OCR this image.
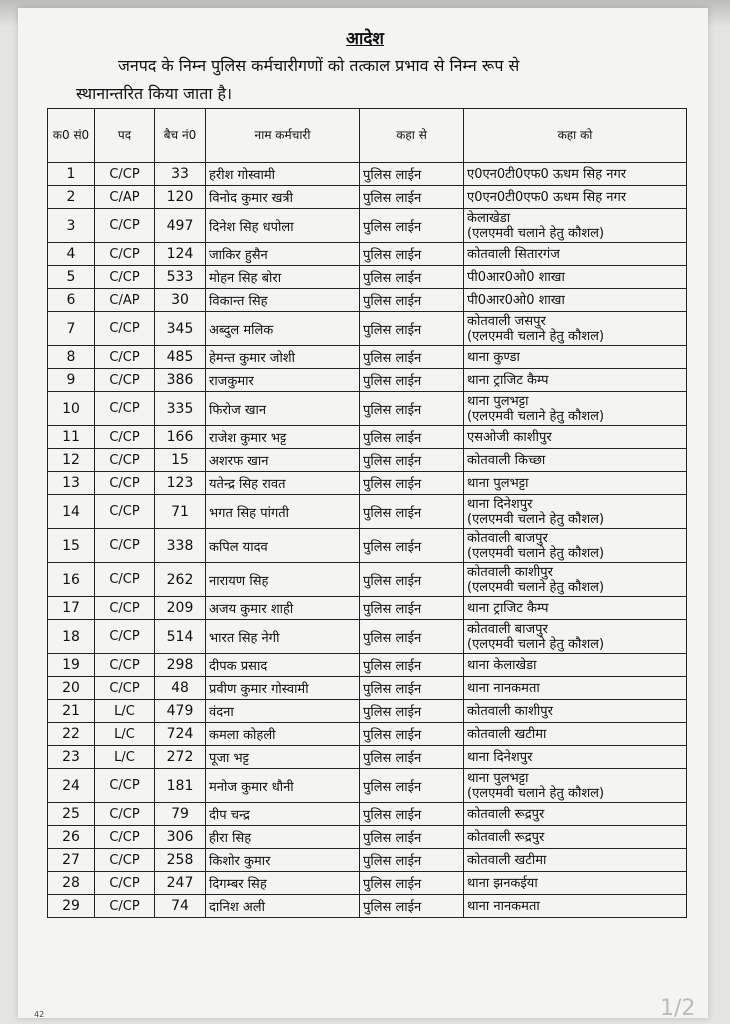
आदेश
जनपद के निम्न पुलिस कर्मचारीगणों को तत्काल प्रभाव से निम्न रूप से
स्थानान्तरित किया जाता है।
क0 सं0	पद	बैच नं0	नाम कर्मचारी	कहा से	कहा को
1	C/CP	33	हरीश गोस्वामी	पुलिस लाईन	ए0एन0टी0एफ0 ऊधम सिह नगर

2	C/AP	120	विनोद कुमार खत्री	पुलिस लाईन	ए0एन0टी0एफ0 ऊधम सिह नगर

3	C/CP	497	दिनेश सिह धपोला	पुलिस लाईन	केलाखेडा
(एलएमवी चलाने हेतु कौशल)

4	C/CP	124	जाकिर हुसैन	पुलिस लाईन	कोतवाली सितारगंज

5	C/CP	533	मोहन सिह बोरा	पुलिस लाईन	पी0आर0ओ0 शाखा

6	C/AP	30	विकान्त सिह	पुलिस लाईन	पी0आर0ओ0 शाखा

7	C/CP	345	अब्दुल मलिक	पुलिस लाईन	कोतवाली जसपुर
(एलएमवी चलाने हेतु कौशल)

8	C/CP	485	हेमन्त कुमार जोशी	पुलिस लाईन	थाना कुण्डा

9	C/CP	386	राजकुमार	पुलिस लाईन	थाना ट्राजिट कैम्प

10	C/CP	335	फिरोज खान	पुलिस लाईन	थाना पुलभट्टा
(एलएमवी चलाने हेतु कौशल)

11	C/CP	166	राजेश कुमार भट्ट	पुलिस लाईन	एसओजी काशीपुर

12	C/CP	15	अशरफ खान	पुलिस लाईन	कोतवाली किच्छा

13	C/CP	123	यतेन्द्र सिह रावत	पुलिस लाईन	थाना पुलभट्टा

14	C/CP	71	भगत सिह पांगती	पुलिस लाईन	थाना दिनेशपुर
(एलएमवी चलाने हेतु कौशल)

15	C/CP	338	कपिल यादव	पुलिस लाईन	कोतवाली बाजपुर
(एलएमवी चलाने हेतु कौशल)

16	C/CP	262	नारायण सिह	पुलिस लाईन	कोतवाली काशीपुर
(एलएमवी चलाने हेतु कौशल)

17	C/CP	209	अजय कुमार शाही	पुलिस लाईन	थाना ट्राजिट कैम्प

18	C/CP	514	भारत सिह नेगी	पुलिस लाईन	कोतवाली बाजपुर
(एलएमवी चलाने हेतु कौशल)

19	C/CP	298	दीपक प्रसाद	पुलिस लाईन	थाना केलाखेडा

20	C/CP	48	प्रवीण कुमार गोस्वामी	पुलिस लाईन	थाना नानकमता

21	L/C	479	वंदना	पुलिस लाईन	कोतवाली काशीपुर

22	L/C	724	कमला कोहली	पुलिस लाईन	कोतवाली खटीमा

23	L/C	272	पूजा भट्ट	पुलिस लाईन	थाना दिनेशपुर

24	C/CP	181	मनोज कुमार धौनी	पुलिस लाईन	थाना पुलभट्टा
(एलएमवी चलाने हेतु कौशल)

25	C/CP	79	दीप चन्द्र	पुलिस लाईन	कोतवाली रूद्रपुर

26	C/CP	306	हीरा सिह	पुलिस लाईन	कोतवाली रूद्रपुर

27	C/CP	258	किशोर कुमार	पुलिस लाईन	कोतवाली खटीमा

28	C/CP	247	दिगम्बर सिह	पुलिस लाईन	थाना झनकईया

29	C/CP	74	दानिश अली	पुलिस लाईन	थाना नानकमता
42	1/2
